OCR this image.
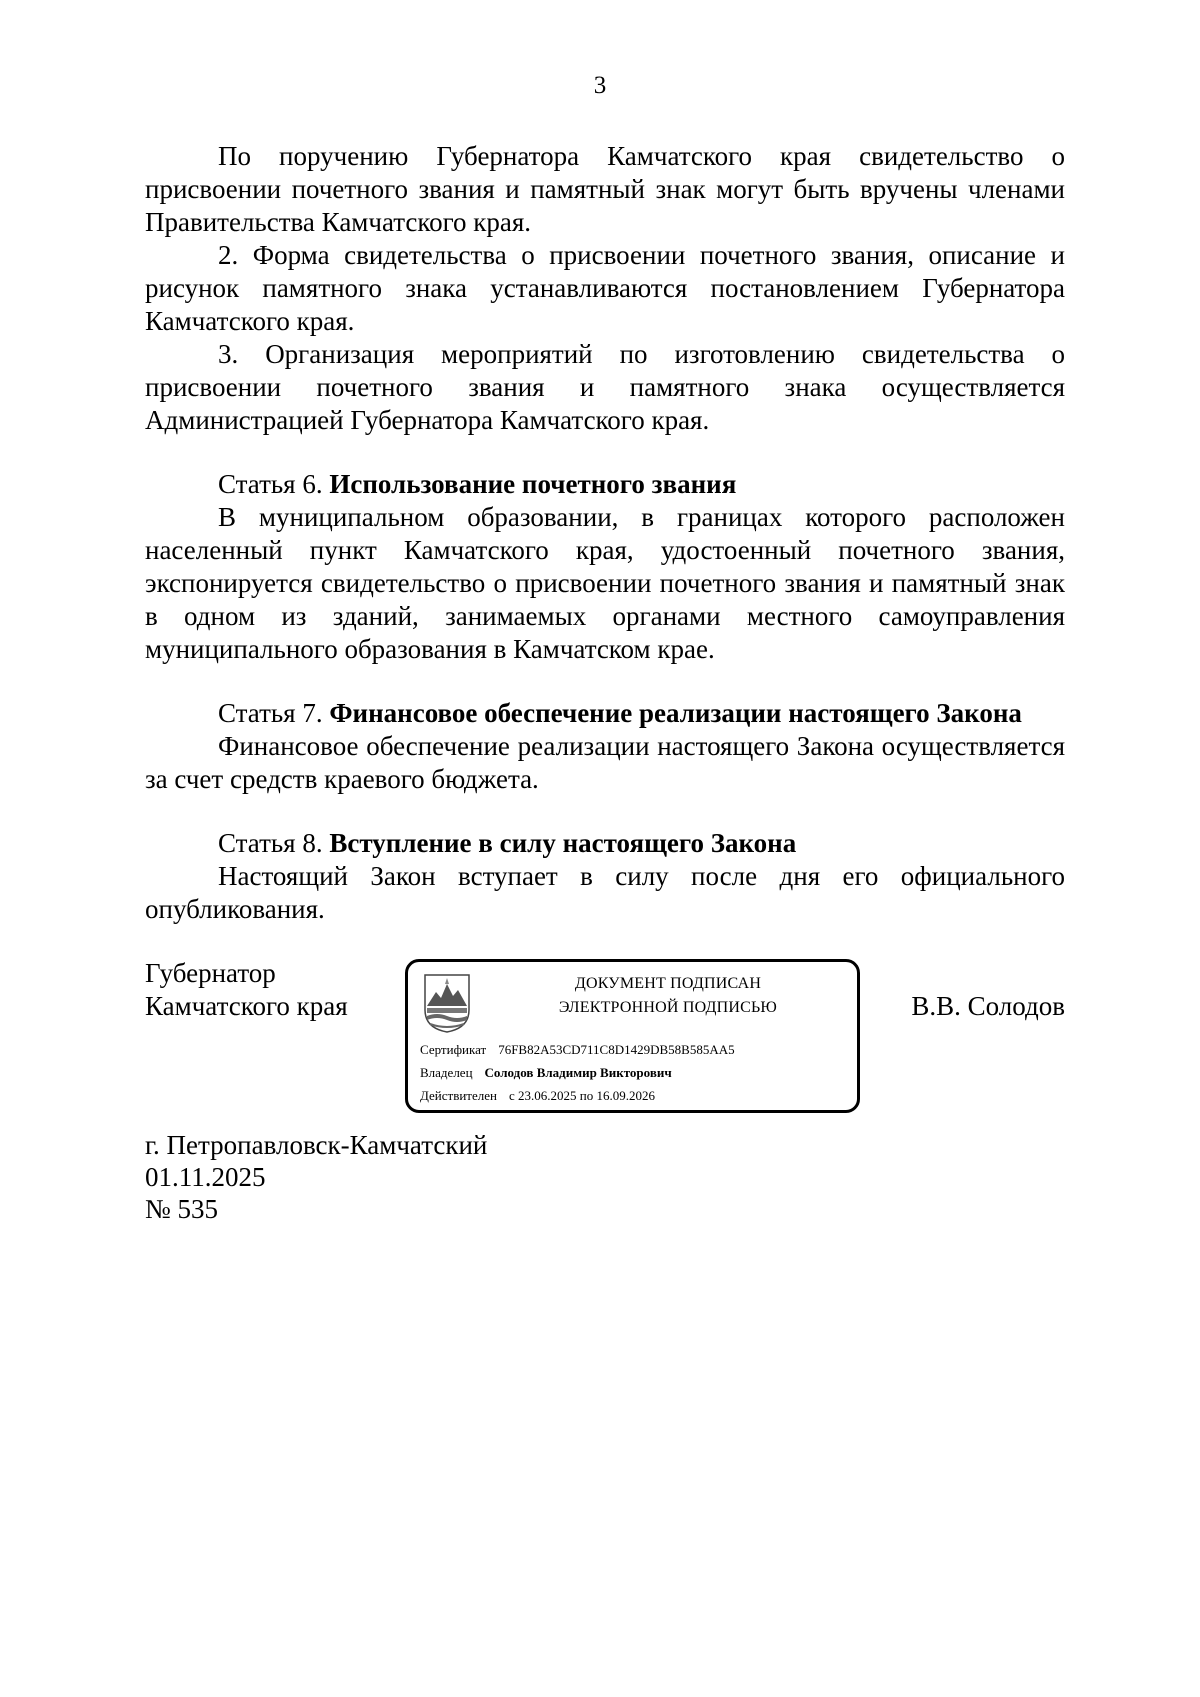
3

По поручению Губернатора Камчатского края свидетельство о присвоении почетного звания и памятный знак могут быть вручены членами Правительства Камчатского края.

2. Форма свидетельства о присвоении почетного звания, описание и рисунок памятного знака устанавливаются постановлением Губернатора Камчатского края.

3. Организация мероприятий по изготовлению свидетельства о присвоении почетного звания и памятного знака осуществляется Администрацией Губернатора Камчатского края.

Статья 6. Использование почетного звания

В муниципальном образовании, в границах которого расположен населенный пункт Камчатского края, удостоенный почетного звания, экспонируется свидетельство о присвоении почетного звания и памятный знак в одном из зданий, занимаемых органами местного самоуправления муниципального образования в Камчатском крае.

Статья 7. Финансовое обеспечение реализации настоящего Закона

Финансовое обеспечение реализации настоящего Закона осуществляется за счет средств краевого бюджета.

Статья 8. Вступление в силу настоящего Закона

Настоящий Закон вступает в силу после дня его официального опубликования.

Губернатор
Камчатского края
ДОКУМЕНТ ПОДПИСАН
ЭЛЕКТРОННОЙ ПОДПИСЬЮ
Сертификат 76FB82A53CD711C8D1429DB58B585AA5
Владелец Солодов Владимир Викторович
Действителен с 23.06.2025 по 16.09.2026
В.В. Солодов
г. Петропавловск-Камчатский
01.11.2025
№ 535
